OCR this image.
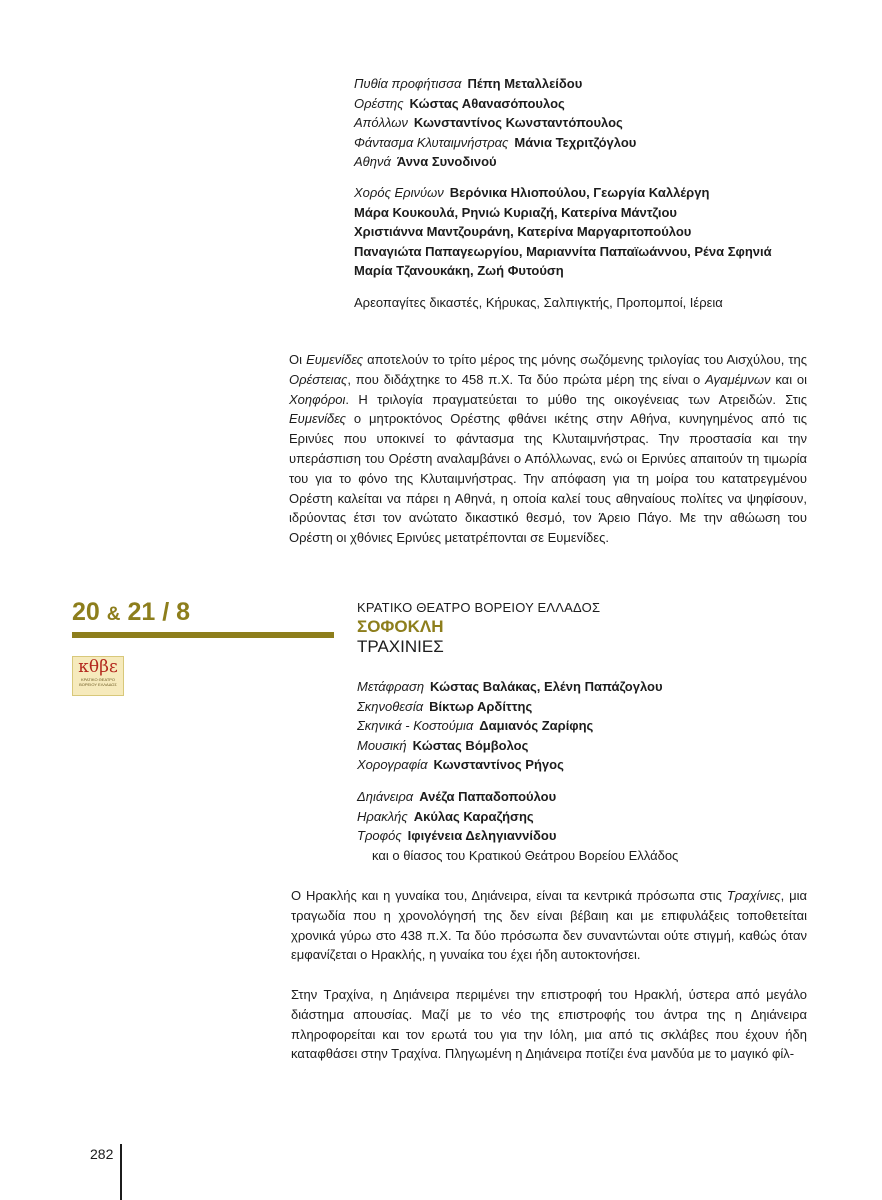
Πυθία προφήτισσα Πέπη Μεταλλείδου
Ορέστης Κώστας Αθανασόπουλος
Απόλλων Κωνσταντίνος Κωνσταντόπουλος
Φάντασμα Κλυταιμνήστρας Μάνια Τεχριτζόγλου
Αθηνά Άννα Συνοδινού
Χορός Ερινύων Βερόνικα Ηλιοπούλου, Γεωργία Καλλέργη
Μάρα Κουκουλά, Ρηνιώ Κυριαζή, Κατερίνα Μάντζιου
Χριστιάννα Μαντζουράνη, Κατερίνα Μαργαριτοπούλου
Παναγιώτα Παπαγεωργίου, Μαριαννίτα Παπαϊωάννου, Ρένα Σφηνιά
Μαρία Τζανουκάκη, Ζωή Φυτούση
Αρεοπαγίτες δικαστές, Κήρυκας, Σαλπιγκτής, Προπομποί, Ιέρεια

Οι Ευμενίδες αποτελούν το τρίτο μέρος της μόνης σωζόμενης τριλογίας του Αισχύλου, της Ορέστειας, που διδάχτηκε το 458 π.Χ. Τα δύο πρώτα μέρη της είναι ο Αγαμέμνων και οι Χοηφόροι. Η τριλογία πραγματεύεται το μύθο της οικογένειας των Ατρειδών. Στις Ευμενίδες ο μητροκτόνος Ορέστης φθάνει ικέτης στην Αθήνα, κυνηγημένος από τις Ερινύες που υποκινεί το φάντασμα της Κλυταιμνήστρας. Την προστασία και την υπεράσπιση του Ορέστη αναλαμβάνει ο Απόλλωνας, ενώ οι Ερινύες απαιτούν τη τιμωρία του για το φόνο της Κλυταιμνήστρας. Την απόφαση για τη μοίρα του κατατρεγμένου Ορέστη καλείται να πάρει η Αθηνά, η οποία καλεί τους αθηναίους πολίτες να ψηφίσουν, ιδρύοντας έτσι τον ανώτατο δικαστικό θεσμό, τον Άρειο Πάγο. Με την αθώωση του Ορέστη οι χθόνιες Ερινύες μετατρέπονται σε Ευμενίδες.

20 & 21 / 8
κθβε
ΚΡΑΤΙΚΟ ΘΕΑΤΡΟ ΒΟΡΕΙΟΥ ΕΛΛΑΔΟΣ
ΚΡΑΤΙΚΟ ΘΕΑΤΡΟ ΒΟΡΕΙΟΥ ΕΛΛΑΔΟΣ
ΣΟΦΟΚΛΗ
ΤΡΑΧΙΝΙΕΣ
Μετάφραση Κώστας Βαλάκας, Ελένη Παπάζογλου
Σκηνοθεσία Βίκτωρ Αρδίττης
Σκηνικά - Κοστούμια Δαμιανός Ζαρίφης
Μουσική Κώστας Βόμβολος
Χορογραφία Κωνσταντίνος Ρήγος
Δηιάνειρα Ανέζα Παπαδοπούλου
Ηρακλής Ακύλας Καραζήσης
Τροφός Ιφιγένεια Δεληγιαννίδου
και ο θίασος του Κρατικού Θεάτρου Βορείου Ελλάδος

Ο Ηρακλής και η γυναίκα του, Δηιάνειρα, είναι τα κεντρικά πρόσωπα στις Τραχίνιες, μια τραγωδία που η χρονολόγησή της δεν είναι βέβαιη και με επιφυλάξεις τοποθετείται χρονικά γύρω στο 438 π.Χ. Τα δύο πρόσωπα δεν συναντώνται ούτε στιγμή, καθώς όταν εμφανίζεται ο Ηρακλής, η γυναίκα του έχει ήδη αυτοκτονήσει.

Στην Τραχίνα, η Δηιάνειρα περιμένει την επιστροφή του Ηρακλή, ύστερα από μεγάλο διάστημα απουσίας. Μαζί με το νέο της επιστροφής του άντρα της η Δηιάνειρα πληροφορείται και τον ερωτά του για την Ιόλη, μια από τις σκλάβες που έχουν ήδη καταφθάσει στην Τραχίνα. Πληγωμένη η Δηιάνειρα ποτίζει ένα μανδύα με το μαγικό φίλ-

282
